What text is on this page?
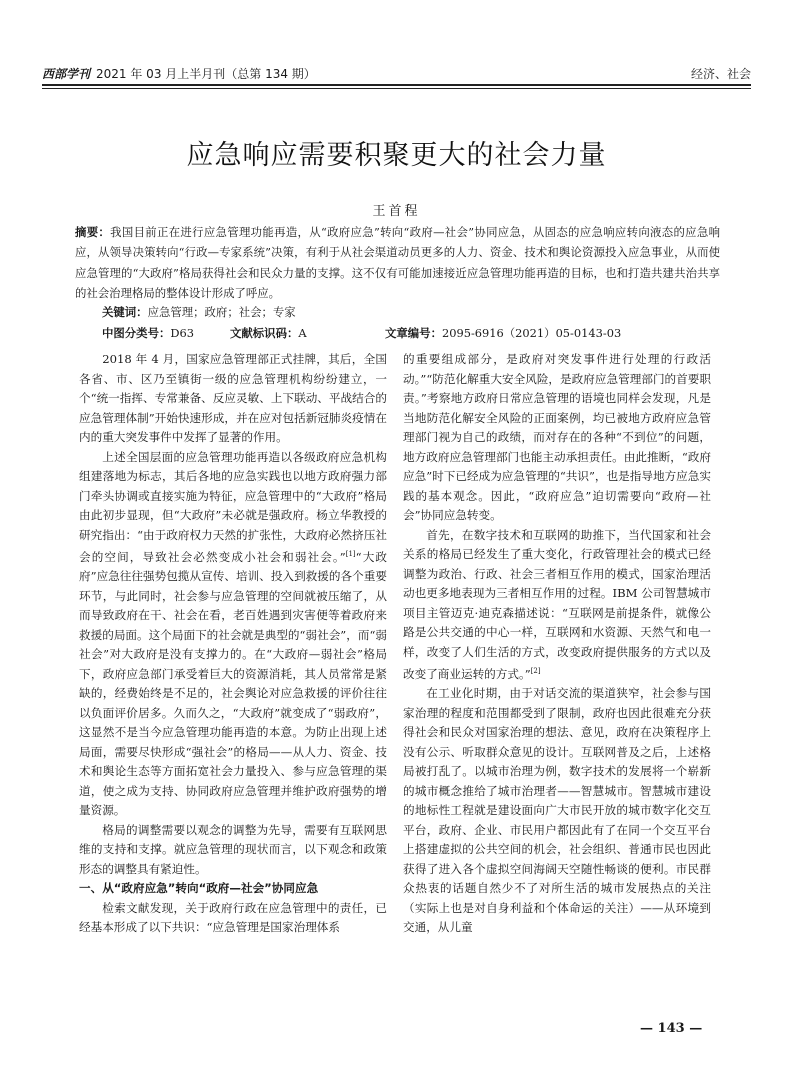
西部学刊 2021 年 03 月上半月刊（总第 134 期）	经济、社会
应急响应需要积聚更大的社会力量
王首程
摘要：我国目前正在进行应急管理功能再造，从“政府应急”转向“政府—社会”协同应急，从固态的应急响应转向液态的应急响应，从领导决策转向“行政—专家系统”决策，有利于从社会渠道动员更多的人力、资金、技术和舆论资源投入应急事业，从而使应急管理的“大政府”格局获得社会和民众力量的支撑。这不仅有可能加速接近应急管理功能再造的目标，也和打造共建共治共享的社会治理格局的整体设计形成了呼应。
关键词：应急管理；政府；社会；专家
中图分类号：D63	文献标识码：A	文章编号：2095-6916（2021）05-0143-03

2018 年 4 月，国家应急管理部正式挂牌，其后，全国各省、市、区乃至镇街一级的应急管理机构纷纷建立，一个“统一指挥、专常兼备、反应灵敏、上下联动、平战结合的应急管理体制”开始快速形成，并在应对包括新冠肺炎疫情在内的重大突发事件中发挥了显著的作用。

上述全国层面的应急管理功能再造以各级政府应急机构组建落地为标志，其后各地的应急实践也以地方政府强力部门牵头协调或直接实施为特征，应急管理中的“大政府”格局由此初步显现，但“大政府”未必就是强政府。杨立华教授的研究指出：“由于政府权力天然的扩张性，大政府必然挤压社会的空间，导致社会必然变成小社会和弱社会。”[1]“大政府”应急往往强势包揽从宣传、培训、投入到救援的各个重要环节，与此同时，社会参与应急管理的空间就被压缩了，从而导致政府在干、社会在看，老百姓遇到灾害便等着政府来救援的局面。这个局面下的社会就是典型的“弱社会”，而“弱社会”对大政府是没有支撑力的。在“大政府—弱社会”格局下，政府应急部门承受着巨大的资源消耗，其人员常常是紧缺的，经费始终是不足的，社会舆论对应急救援的评价往往以负面评价居多。久而久之，“大政府”就变成了“弱政府”，这显然不是当今应急管理功能再造的本意。为防止出现上述局面，需要尽快形成“强社会”的格局——从人力、资金、技术和舆论生态等方面拓宽社会力量投入、参与应急管理的渠道，使之成为支持、协同政府应急管理并维护政府强势的增量资源。

格局的调整需要以观念的调整为先导，需要有互联网思维的支持和支撑。就应急管理的现状而言，以下观念和政策形态的调整具有紧迫性。

一、从“政府应急”转向“政府—社会”协同应急

检索文献发现，关于政府行政在应急管理中的责任，已经基本形成了以下共识：“应急管理是国家治理体系

的重要组成部分，是政府对突发事件进行处理的行政活动。”“防范化解重大安全风险，是政府应急管理部门的首要职责。”考察地方政府日常应急管理的语境也同样会发现，凡是当地防范化解安全风险的正面案例，均已被地方政府应急管理部门视为自己的政绩，而对存在的各种“不到位”的问题，地方政府应急管理部门也能主动承担责任。由此推断，“政府应急”时下已经成为应急管理的“共识”，也是指导地方应急实践的基本观念。因此，“政府应急”迫切需要向“政府—社会”协同应急转变。

首先，在数字技术和互联网的助推下，当代国家和社会关系的格局已经发生了重大变化，行政管理社会的模式已经调整为政治、行政、社会三者相互作用的模式，国家治理活动也更多地表现为三者相互作用的过程。IBM 公司智慧城市项目主管迈克·迪克森描述说：“互联网是前提条件，就像公路是公共交通的中心一样，互联网和水资源、天然气和电一样，改变了人们生活的方式，改变政府提供服务的方式以及改变了商业运转的方式。”[2]

在工业化时期，由于对话交流的渠道狭窄，社会参与国家治理的程度和范围都受到了限制，政府也因此很难充分获得社会和民众对国家治理的想法、意见，政府在决策程序上没有公示、听取群众意见的设计。互联网普及之后，上述格局被打乱了。以城市治理为例，数字技术的发展将一个崭新的城市概念推给了城市治理者——智慧城市。智慧城市建设的地标性工程就是建设面向广大市民开放的城市数字化交互平台，政府、企业、市民用户都因此有了在同一个交互平台上搭建虚拟的公共空间的机会，社会组织、普通市民也因此获得了进入各个虚拟空间海阔天空随性畅谈的便利。市民群众热衷的话题自然少不了对所生活的城市发展热点的关注（实际上也是对自身利益和个体命运的关注）——从环境到交通，从儿童

— 143 —
